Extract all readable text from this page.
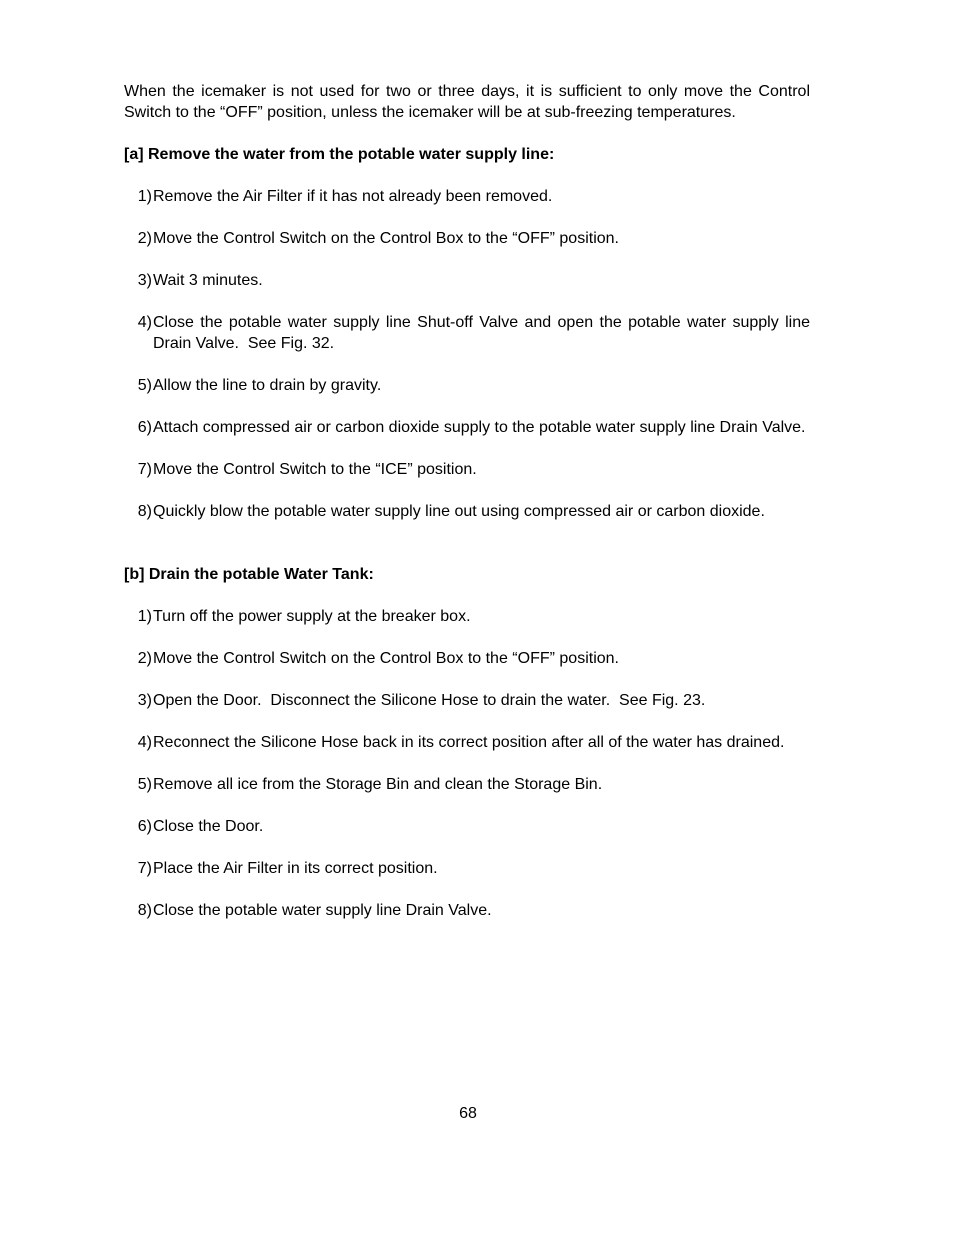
When the icemaker is not used for two or three days, it is sufficient to only move the Control Switch to the “OFF” position, unless the icemaker will be at sub-freezing temperatures.

[a] Remove the water from the potable water supply line:
1) Remove the Air Filter if it has not already been removed.
2) Move the Control Switch on the Control Box to the “OFF” position.
3) Wait 3 minutes.
4) Close the potable water supply line Shut-off Valve and open the potable water supply line Drain Valve.  See Fig. 32.
5) Allow the line to drain by gravity.
6) Attach compressed air or carbon dioxide supply to the potable water supply line Drain Valve.
7) Move the Control Switch to the “ICE” position.
8) Quickly blow the potable water supply line out using compressed air or carbon dioxide.
[b] Drain the potable Water Tank:
1) Turn off the power supply at the breaker box.
2) Move the Control Switch on the Control Box to the “OFF” position.
3) Open the Door.  Disconnect the Silicone Hose to drain the water.  See Fig. 23.
4) Reconnect the Silicone Hose back in its correct position after all of the water has drained.
5) Remove all ice from the Storage Bin and clean the Storage Bin.
6) Close the Door.
7) Place the Air Filter in its correct position.
8) Close the potable water supply line Drain Valve.
68
